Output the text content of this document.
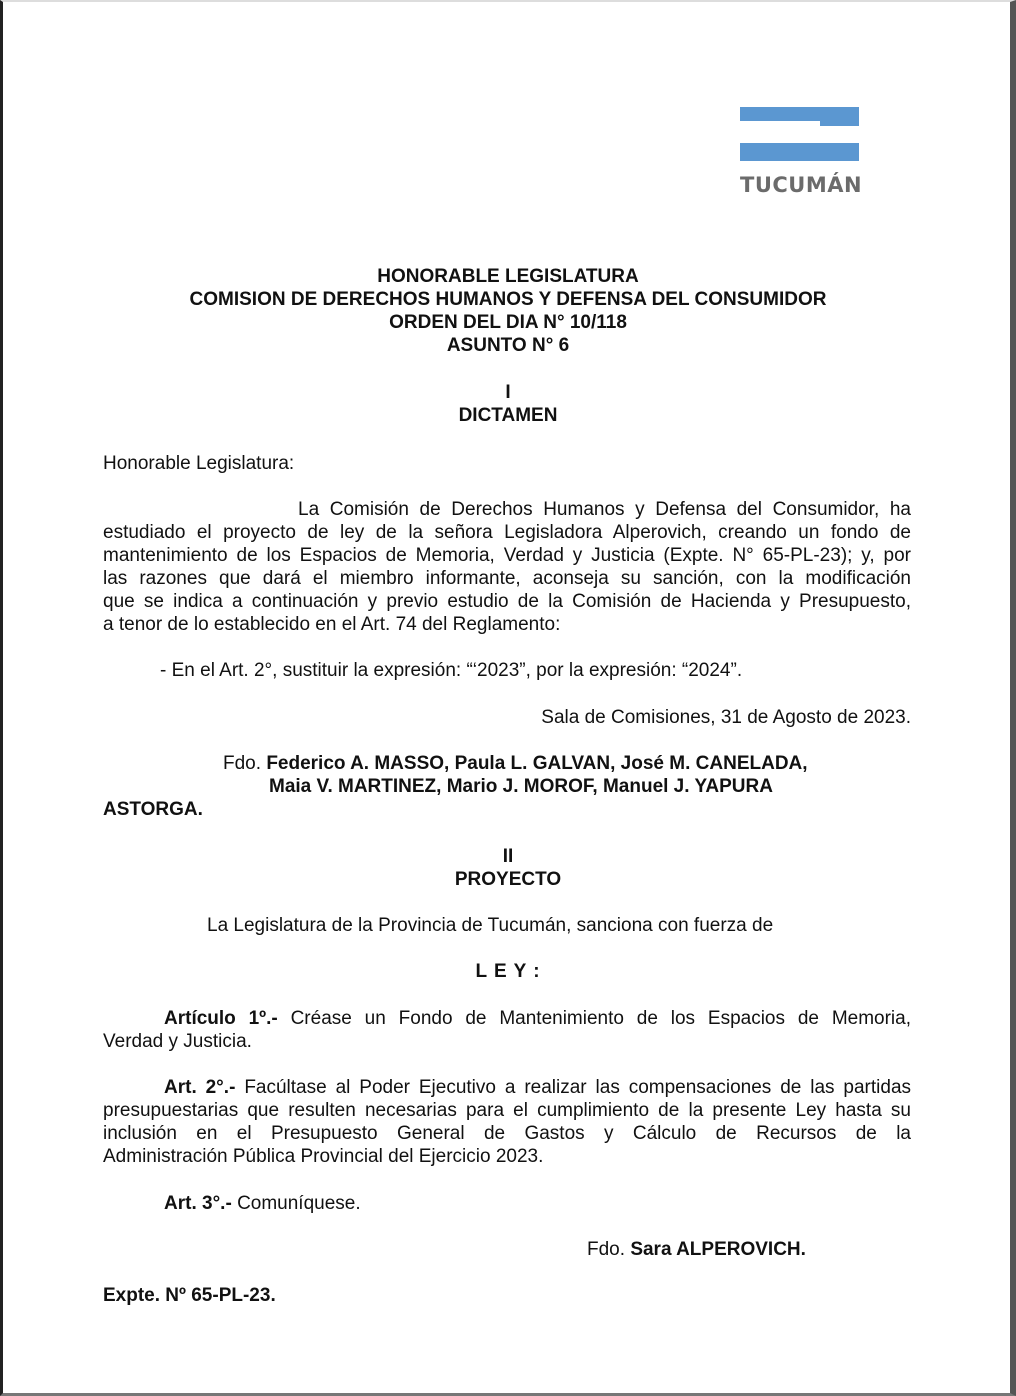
TUCUMÁN
HONORABLE LEGISLATURA
COMISION DE DERECHOS HUMANOS Y DEFENSA DEL CONSUMIDOR
ORDEN DEL DIA N° 10/118
ASUNTO N° 6
I
DICTAMEN
Honorable Legislatura:
La Comisión de Derechos Humanos y Defensa del Consumidor, ha
estudiado el proyecto de ley de la señora Legisladora Alperovich, creando un fondo de
mantenimiento de los Espacios de Memoria, Verdad y Justicia (Expte. N° 65-PL-23); y, por
las razones que dará el miembro informante, aconseja su sanción, con la modificación
que se indica a continuación y previo estudio de la Comisión de Hacienda y Presupuesto,
a tenor de lo establecido en el Art. 74 del Reglamento:
- En el Art. 2°, sustituir la expresión: “‘2023”, por la expresión: “2024”.
Sala de Comisiones, 31 de Agosto de 2023.
Fdo. Federico A. MASSO, Paula L. GALVAN, José M. CANELADA,
Maia V. MARTINEZ, Mario J. MOROF, Manuel J. YAPURA
ASTORGA.
II
PROYECTO
La Legislatura de la Provincia de Tucumán, sanciona con fuerza de
L E Y :
Artículo 1º.- Créase un Fondo de Mantenimiento de los Espacios de Memoria,
Verdad y Justicia.
Art. 2°.- Facúltase al Poder Ejecutivo a realizar las compensaciones de las partidas
presupuestarias que resulten necesarias para el cumplimiento de la presente Ley hasta su
inclusión en el Presupuesto General de Gastos y Cálculo de Recursos de la
Administración Pública Provincial del Ejercicio 2023.
Art. 3°.- Comuníquese.
Fdo. Sara ALPEROVICH.
Expte. Nº 65-PL-23.
